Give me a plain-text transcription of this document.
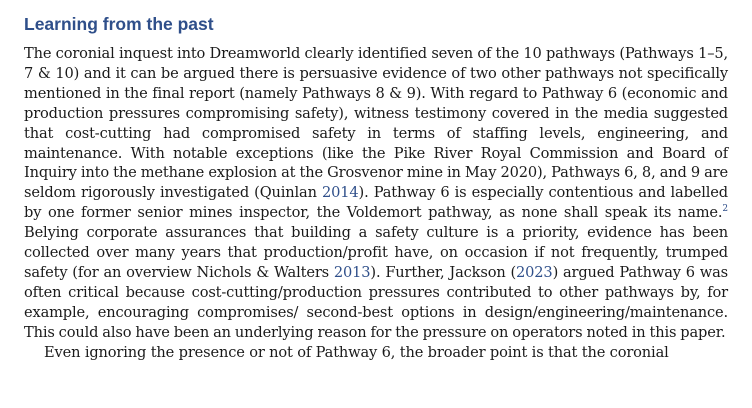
Learning from the past

The coronial inquest into Dreamworld clearly identified seven of the 10 pathways (Pathways 1–5, 7 & 10) and it can be argued there is persuasive evidence of two other pathways not specifically mentioned in the final report (namely Pathways 8 & 9). With regard to Pathway 6 (economic and production pressures compromising safety), witness testimony covered in the media suggested that cost-cutting had compromised safety in terms of staffing levels, engineering, and maintenance. With notable exceptions (like the Pike River Royal Commission and Board of Inquiry into the methane explosion at the Grosvenor mine in May 2020), Pathways 6, 8, and 9 are seldom rigorously investigated (Quinlan 2014). Pathway 6 is especially contentious and labelled by one former senior mines inspector, the Voldemort pathway, as none shall speak its name.$^2$ Belying corporate assurances that building a safety culture is a priority, evidence has been collected over many years that production/profit have, on occasion if not frequently, trumped safety (for an overview Nichols & Walters 2013). Further, Jackson (2023) argued Pathway 6 was often critical because cost-cutting/production pressures contributed to other pathways by, for example, encouraging compromises/ second-best options in design/engineering/maintenance. This could also have been an underlying reason for the pressure on operators noted in this paper.

Even ignoring the presence or not of Pathway 6, the broader point is that the coronial
